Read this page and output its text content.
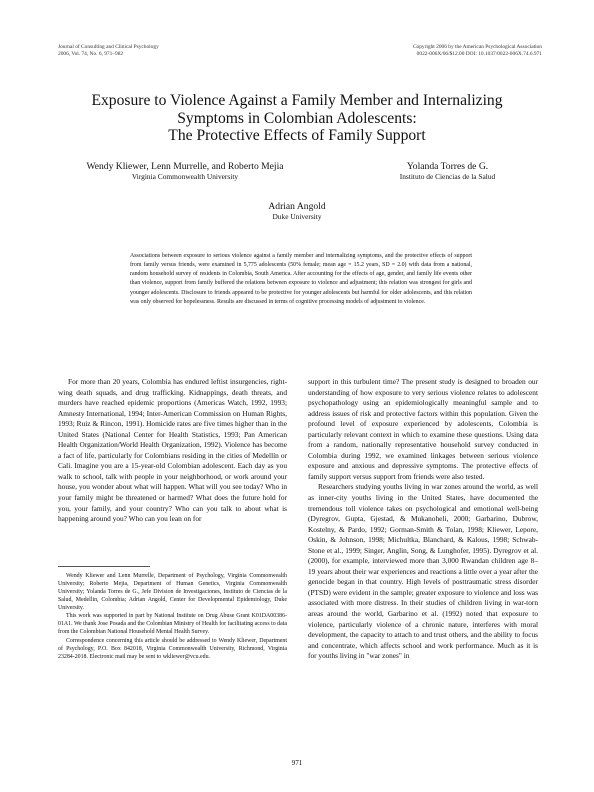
Journal of Consulting and Clinical Psychology
2006, Vol. 74, No. 6, 971–982
Copyright 2006 by the American Psychological Association
0022-006X/06/$12.00 DOI: 10.1037/0022-006X.74.6.971
Exposure to Violence Against a Family Member and Internalizing
Symptoms in Colombian Adolescents:
The Protective Effects of Family Support
Wendy Kliewer, Lenn Murrelle, and Roberto Mejia
Virginia Commonwealth University
Yolanda Torres de G.
Instituto de Ciencias de la Salud
Adrian Angold
Duke University
Associations between exposure to serious violence against a family member and internalizing symptoms, and the protective effects of support from family versus friends, were examined in 5,775 adolescents (50% female; mean age = 15.2 years, SD = 2.0) with data from a national, random household survey of residents in Colombia, South America. After accounting for the effects of age, gender, and family life events other than violence, support from family buffered the relations between exposure to violence and adjustment; this relation was strongest for girls and younger adolescents. Disclosure to friends appeared to be protective for younger adolescents but harmful for older adolescents, and this relation was only observed for hopelessness. Results are discussed in terms of cognitive processing models of adjustment to violence.

For more than 20 years, Colombia has endured leftist insurgencies, right-wing death squads, and drug trafficking. Kidnappings, death threats, and murders have reached epidemic proportions (Americas Watch, 1992, 1993; Amnesty International, 1994; Inter-American Commission on Human Rights, 1993; Ruiz & Rincon, 1991). Homicide rates are five times higher than in the United States (National Center for Health Statistics, 1993; Pan American Health Organization/World Health Organization, 1992). Violence has become a fact of life, particularly for Colombians residing in the cities of Medellín or Cali. Imagine you are a 15-year-old Colombian adolescent. Each day as you walk to school, talk with people in your neighborhood, or work around your house, you wonder about what will happen. What will you see today? Who in your family might be threatened or harmed? What does the future hold for you, your family, and your country? Who can you talk to about what is happening around you? Who can you lean on for

support in this turbulent time? The present study is designed to broaden our understanding of how exposure to very serious violence relates to adolescent psychopathology using an epidemiologically meaningful sample and to address issues of risk and protective factors within this population. Given the profound level of exposure experienced by adolescents, Colombia is particularly relevant context in which to examine these questions. Using data from a random, nationally representative household survey conducted in Colombia during 1992, we examined linkages between serious violence exposure and anxious and depressive symptoms. The protective effects of family support versus support from friends were also tested.

Researchers studying youths living in war zones around the world, as well as inner-city youths living in the United States, have documented the tremendous toll violence takes on psychological and emotional well-being (Dyregrov, Gupta, Gjestad, & Mukanoheli, 2000; Garbarino, Dubrow, Kostelny, & Pardo, 1992; Gorman-Smith & Tolan, 1998; Kliewer, Lepore, Oskin, & Johnson, 1998; Michultka, Blanchard, & Kalous, 1998; Schwab-Stone et al., 1999; Singer, Anglin, Song, & Lunghofer, 1995). Dyregrov et al. (2000), for example, interviewed more than 3,000 Rwandan children age 8–19 years about their war experiences and reactions a little over a year after the genocide began in that country. High levels of posttraumatic stress disorder (PTSD) were evident in the sample; greater exposure to violence and loss was associated with more distress. In their studies of children living in war-torn areas around the world, Garbarino et al. (1992) noted that exposure to violence, particularly violence of a chronic nature, interferes with moral development, the capacity to attach to and trust others, and the ability to focus and concentrate, which affects school and work performance. Much as it is for youths living in "war zones" in

Wendy Kliewer and Lenn Murrelle, Department of Psychology, Virginia Commonwealth University; Roberto Mejia, Department of Human Genetics, Virginia Commonwealth University; Yolanda Torres de G., Jefe Division de Investigaciones, Instituto de Ciencias de la Salud, Medellin, Colombia; Adrian Angold, Center for Developmental Epidemiology, Duke University.

This work was supported in part by National Institute on Drug Abuse Grant K01DA00386-01A1. We thank Jose Posada and the Colombian Ministry of Health for facilitating access to data from the Colombian National Household Mental Health Survey.

Correspondence concerning this article should be addressed to Wendy Kliewer, Department of Psychology, P.O. Box 842018, Virginia Commonwealth University, Richmond, Virginia 23284-2018. Electronic mail may be sent to wkliewer@vcu.edu.

971
